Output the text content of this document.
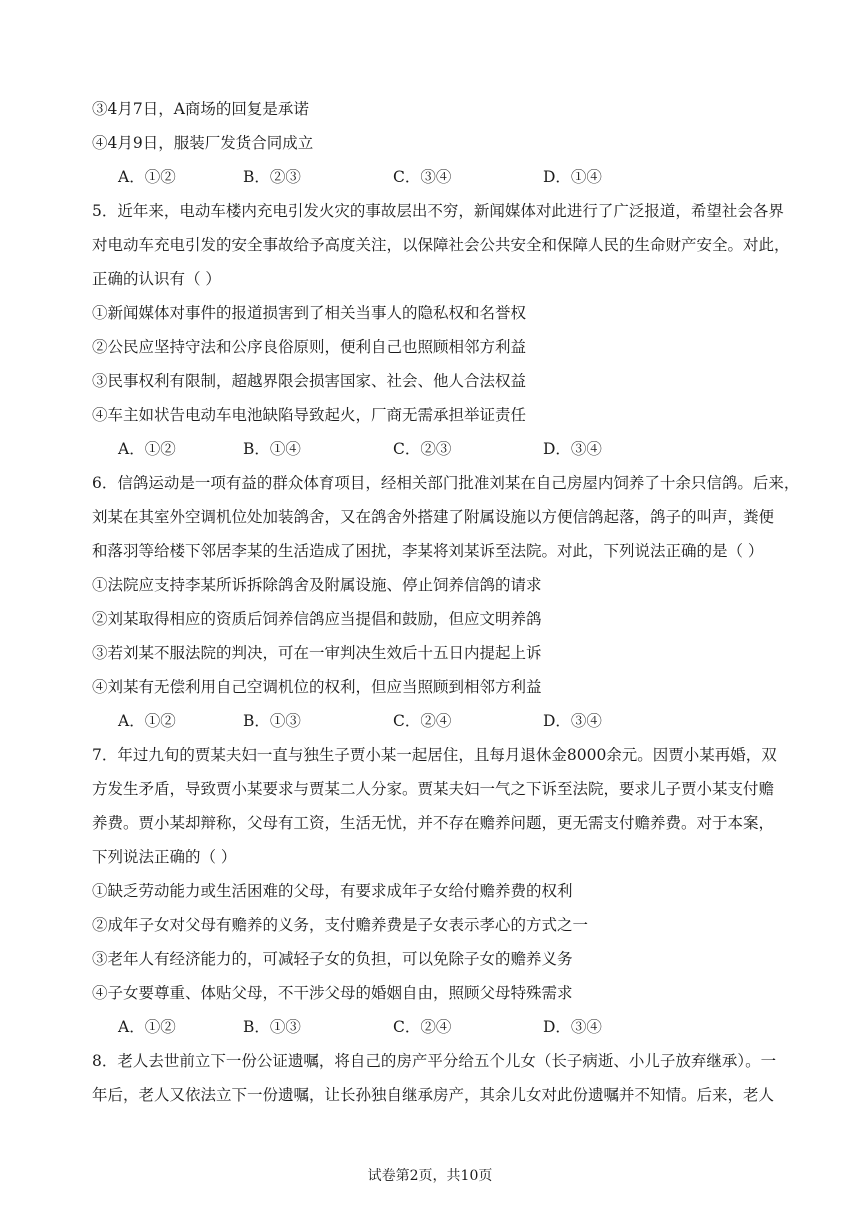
③4月7日，A商场的回复是承诺
④4月9日，服装厂发货合同成立
A．①②	B．②③	C．③④	D．①④
5．近年来，电动车楼内充电引发火灾的事故层出不穷，新闻媒体对此进行了广泛报道，希望社会各界
对电动车充电引发的安全事故给予高度关注，以保障社会公共安全和保障人民的生命财产安全。对此，
正确的认识有（ ）
①新闻媒体对事件的报道损害到了相关当事人的隐私权和名誉权
②公民应坚持守法和公序良俗原则，便利自己也照顾相邻方利益
③民事权利有限制，超越界限会损害国家、社会、他人合法权益
④车主如状告电动车电池缺陷导致起火，厂商无需承担举证责任
A．①②	B．①④	C．②③	D．③④
6．信鸽运动是一项有益的群众体育项目，经相关部门批准刘某在自己房屋内饲养了十余只信鸽。后来，
刘某在其室外空调机位处加装鸽舍，又在鸽舍外搭建了附属设施以方便信鸽起落，鸽子的叫声，粪便
和落羽等给楼下邻居李某的生活造成了困扰，李某将刘某诉至法院。对此，下列说法正确的是（ ）
①法院应支持李某所诉拆除鸽舍及附属设施、停止饲养信鸽的请求
②刘某取得相应的资质后饲养信鸽应当提倡和鼓励，但应文明养鸽
③若刘某不服法院的判决，可在一审判决生效后十五日内提起上诉
④刘某有无偿利用自己空调机位的权利，但应当照顾到相邻方利益
A．①②	B．①③	C．②④	D．③④
7．年过九旬的贾某夫妇一直与独生子贾小某一起居住，且每月退休金8000余元。因贾小某再婚，双
方发生矛盾，导致贾小某要求与贾某二人分家。贾某夫妇一气之下诉至法院，要求儿子贾小某支付赡
养费。贾小某却辩称，父母有工资，生活无忧，并不存在赡养问题，更无需支付赡养费。对于本案，
下列说法正确的（ ）
①缺乏劳动能力或生活困难的父母，有要求成年子女给付赡养费的权利
②成年子女对父母有赡养的义务，支付赡养费是子女表示孝心的方式之一
③老年人有经济能力的，可减轻子女的负担，可以免除子女的赡养义务
④子女要尊重、体贴父母，不干涉父母的婚姻自由，照顾父母特殊需求
A．①②	B．①③	C．②④	D．③④
8．老人去世前立下一份公证遗嘱，将自己的房产平分给五个儿女（长子病逝、小儿子放弃继承）。一
年后，老人又依法立下一份遗嘱，让长孙独自继承房产，其余儿女对此份遗嘱并不知情。后来，老人
试卷第2页，共10页
